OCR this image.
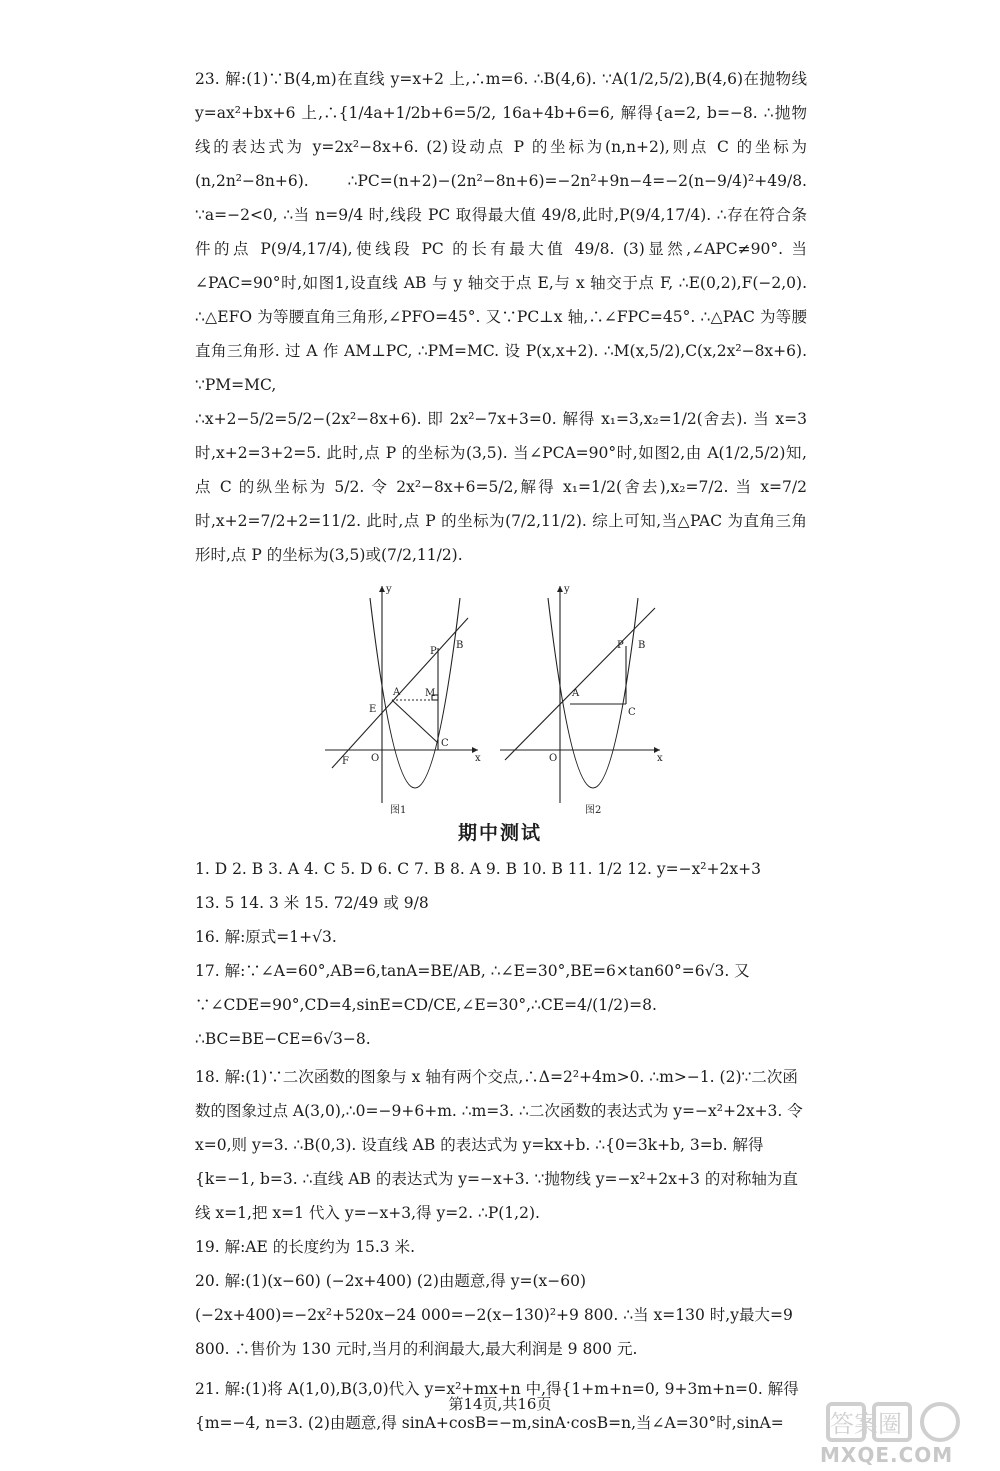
23. 解:(1)∵B(4,m)在直线 y=x+2 上,∴m=6. ∴B(4,6). ∵A(1/2,5/2),B(4,6)在抛物线 y=ax²+bx+6 上,∴{1/4a+1/2b+6=5/2, 16a+4b+6=6, 解得{a=2, b=−8. ∴抛物线的表达式为 y=2x²−8x+6. (2)设动点 P 的坐标为(n,n+2),则点 C 的坐标为(n,2n²−8n+6). ∴PC=(n+2)−(2n²−8n+6)=−2n²+9n−4=−2(n−9/4)²+49/8. ∵a=−2<0, ∴当 n=9/4 时,线段 PC 取得最大值 49/8,此时,P(9/4,17/4). ∴存在符合条件的点 P(9/4,17/4),使线段 PC 的长有最大值 49/8. (3)显然,∠APC≠90°. 当∠PAC=90°时,如图1,设直线 AB 与 y 轴交于点 E,与 x 轴交于点 F, ∴E(0,2),F(−2,0). ∴△EFO 为等腰直角三角形,∠PFO=45°. 又∵PC⊥x 轴,∴∠FPC=45°. ∴△PAC 为等腰直角三角形. 过 A 作 AM⊥PC, ∴PM=MC. 设 P(x,x+2). ∴M(x,5/2),C(x,2x²−8x+6). ∵PM=MC,

∴x+2−5/2=5/2−(2x²−8x+6). 即 2x²−7x+3=0. 解得 x₁=3,x₂=1/2(舍去). 当 x=3 时,x+2=3+2=5. 此时,点 P 的坐标为(3,5). 当∠PCA=90°时,如图2,由 A(1/2,5/2)知,点 C 的纵坐标为 5/2. 令 2x²−8x+6=5/2,解得 x₁=1/2(舍去),x₂=7/2. 当 x=7/2 时,x+2=7/2+2=11/2. 此时,点 P 的坐标为(7/2,11/2). 综上可知,当△PAC 为直角三角形时,点 P 的坐标为(3,5)或(7/2,11/2).

y
x
O
F
E
A M
P
B
C
图1
y
x
O
A
P B
C
图2
期中测试

1. D 2. B 3. A 4. C 5. D 6. C 7. B 8. A 9. B 10. B 11. 1/2 12. y=−x²+2x+3

13. 5 14. 3 米 15. 72/49 或 9/8

16. 解:原式=1+√3.

17. 解:∵∠A=60°,AB=6,tanA=BE/AB, ∴∠E=30°,BE=6×tan60°=6√3. 又∵∠CDE=90°,CD=4,sinE=CD/CE,∠E=30°,∴CE=4/(1/2)=8. ∴BC=BE−CE=6√3−8.

18. 解:(1)∵二次函数的图象与 x 轴有两个交点,∴Δ=2²+4m>0. ∴m>−1. (2)∵二次函数的图象过点 A(3,0),∴0=−9+6+m. ∴m=3. ∴二次函数的表达式为 y=−x²+2x+3. 令 x=0,则 y=3. ∴B(0,3). 设直线 AB 的表达式为 y=kx+b. ∴{0=3k+b, 3=b. 解得{k=−1, b=3. ∴直线 AB 的表达式为 y=−x+3. ∵抛物线 y=−x²+2x+3 的对称轴为直线 x=1,把 x=1 代入 y=−x+3,得 y=2. ∴P(1,2).

19. 解:AE 的长度约为 15.3 米.

20. 解:(1)(x−60) (−2x+400) (2)由题意,得 y=(x−60)(−2x+400)=−2x²+520x−24 000=−2(x−130)²+9 800. ∴当 x=130 时,y最大=9 800. ∴售价为 130 元时,当月的利润最大,最大利润是 9 800 元.

21. 解:(1)将 A(1,0),B(3,0)代入 y=x²+mx+n 中,得{1+m+n=0, 9+3m+n=0. 解得{m=−4, n=3. (2)由题意,得 sinA+cosB=−m,sinA·cosB=n,当∠A=30°时,sinA=

第14页,共16页
答案圈
MXQE.COM
